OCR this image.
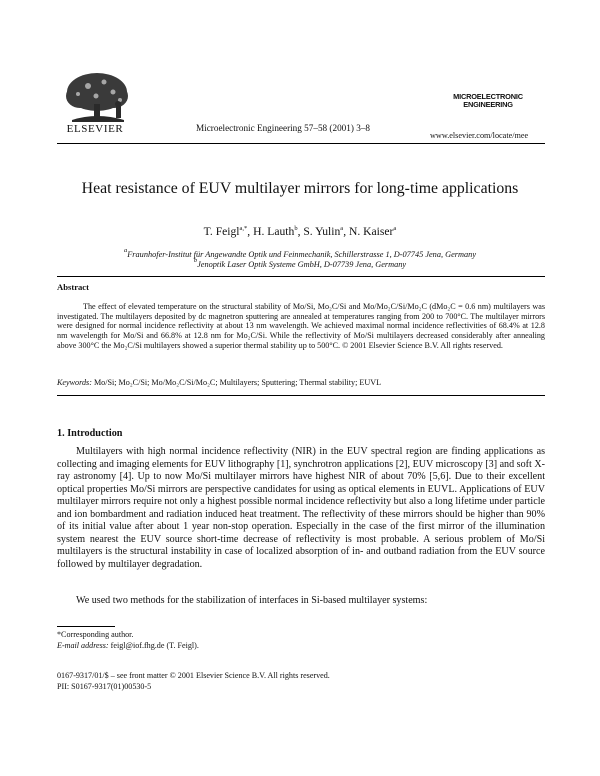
ELSEVIER	Microelectronic Engineering 57–58 (2001) 3–8
MICROELECTRONIC
ENGINEERING
www.elsevier.com/locate/mee
Heat resistance of EUV multilayer mirrors for long-time applications
T. Feigl$^{a,*}$, H. Lauth$^b$, S. Yulin$^a$, N. Kaiser$^a$
$^a$Fraunhofer-Institut für Angewandte Optik und Feinmechanik, Schillerstrasse 1, D-07745 Jena, Germany
$^b$Jenoptik Laser Optik Systeme GmbH, D-07739 Jena, Germany
Abstract
The effect of elevated temperature on the structural stability of Mo/Si, Mo₂C/Si and Mo/Mo₂C/Si/Mo₂C (dMo₂C = 0.6 nm) multilayers was investigated. The multilayers deposited by dc magnetron sputtering are annealed at temperatures ranging from 200 to 700°C. The multilayer mirrors were designed for normal incidence reflectivity at about 13 nm wavelength. We achieved maximal normal incidence reflectivities of 68.4% at 12.8 nm wavelength for Mo/Si and 66.8% at 12.8 nm for Mo₂C/Si. While the reflectivity of Mo/Si multilayers decreased considerably after annealing above 300°C the Mo₂C/Si multilayers showed a superior thermal stability up to 500°C. © 2001 Elsevier Science B.V. All rights reserved.
Keywords: Mo/Si; Mo₂C/Si; Mo/Mo₂C/Si/Mo₂C; Multilayers; Sputtering; Thermal stability; EUVL
1. Introduction
Multilayers with high normal incidence reflectivity (NIR) in the EUV spectral region are finding applications as collecting and imaging elements for EUV lithography [1], synchrotron applications [2], EUV microscopy [3] and soft X-ray astronomy [4]. Up to now Mo/Si multilayer mirrors have highest NIR of about 70% [5,6]. Due to their excellent optical properties Mo/Si mirrors are perspective candidates for using as optical elements in EUVL. Applications of EUV multilayer mirrors require not only a highest possible normal incidence reflectivity but also a long lifetime under particle and ion bombardment and radiation induced heat treatment. The reflectivity of these mirrors should be higher than 90% of its initial value after about 1 year non-stop operation. Especially in the case of the first mirror of the illumination system nearest the EUV source short-time decrease of reflectivity is most probable. A serious problem of Mo/Si multilayers is the structural instability in case of localized absorption of in- and outband radiation from the EUV source followed by multilayer degradation.
We used two methods for the stabilization of interfaces in Si-based multilayer systems:
*Corresponding author.
E-mail address: feigl@iof.fhg.de (T. Feigl).
0167-9317/01/$ – see front matter © 2001 Elsevier Science B.V. All rights reserved.
PII: S0167-9317(01)00530-5
